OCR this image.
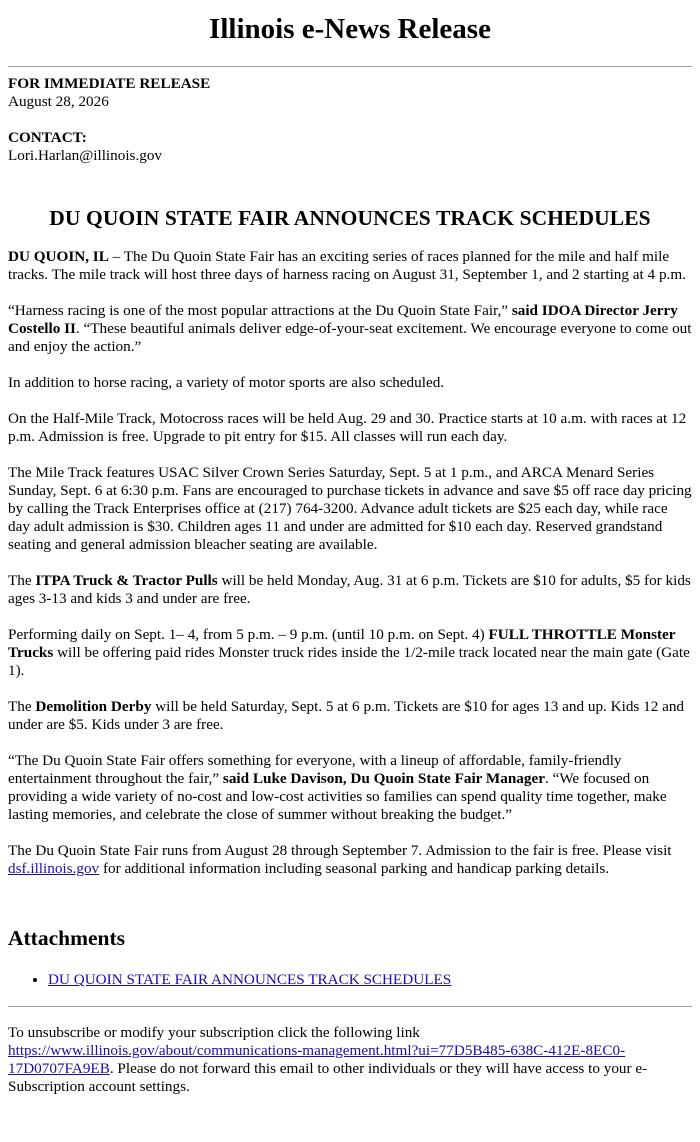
Illinois e-News Release
FOR IMMEDIATE RELEASE
August 28, 2026
CONTACT:
Lori.Harlan@illinois.gov
DU QUOIN STATE FAIR ANNOUNCES TRACK SCHEDULES

DU QUOIN, IL – The Du Quoin State Fair has an exciting series of races planned for the mile and half mile tracks. The mile track will host three days of harness racing on August 31, September 1, and 2 starting at 4 p.m.

“Harness racing is one of the most popular attractions at the Du Quoin State Fair,” said IDOA Director Jerry Costello II. “These beautiful animals deliver edge-of-your-seat excitement. We encourage everyone to come out and enjoy the action.”

In addition to horse racing, a variety of motor sports are also scheduled.

On the Half-Mile Track, Motocross races will be held Aug. 29 and 30. Practice starts at 10 a.m. with races at 12 p.m. Admission is free. Upgrade to pit entry for $15. All classes will run each day.

The Mile Track features USAC Silver Crown Series Saturday, Sept. 5 at 1 p.m., and ARCA Menard Series Sunday, Sept. 6 at 6:30 p.m. Fans are encouraged to purchase tickets in advance and save $5 off race day pricing by calling the Track Enterprises office at (217) 764-3200. Advance adult tickets are $25 each day, while race day adult admission is $30. Children ages 11 and under are admitted for $10 each day. Reserved grandstand seating and general admission bleacher seating are available.

The ITPA Truck & Tractor Pulls will be held Monday, Aug. 31 at 6 p.m. Tickets are $10 for adults, $5 for kids ages 3-13 and kids 3 and under are free.

Performing daily on Sept. 1– 4, from 5 p.m. – 9 p.m. (until 10 p.m. on Sept. 4) FULL THROTTLE Monster Trucks will be offering paid rides Monster truck rides inside the 1/2-mile track located near the main gate (Gate 1).

The Demolition Derby will be held Saturday, Sept. 5 at 6 p.m. Tickets are $10 for ages 13 and up. Kids 12 and under are $5. Kids under 3 are free.

“The Du Quoin State Fair offers something for everyone, with a lineup of affordable, family-friendly entertainment throughout the fair,” said Luke Davison, Du Quoin State Fair Manager. “We focused on providing a wide variety of no-cost and low-cost activities so families can spend quality time together, make lasting memories, and celebrate the close of summer without breaking the budget.”

The Du Quoin State Fair runs from August 28 through September 7. Admission to the fair is free. Please visit dsf.illinois.gov for additional information including seasonal parking and handicap parking details.

Attachments
• DU QUOIN STATE FAIR ANNOUNCES TRACK SCHEDULES

To unsubscribe or modify your subscription click the following link
https://www.illinois.gov/about/communications-management.html?ui=77D5B485-638C-412E-8EC0-17D0707FA9EB. Please do not forward this email to other individuals or they will have access to your e-Subscription account settings.
